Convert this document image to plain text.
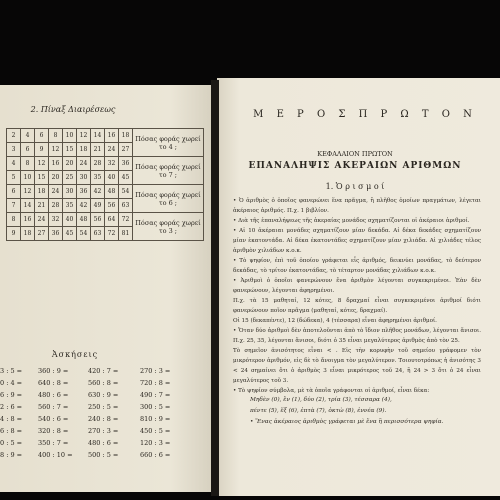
2. Πίναξ Διαιρέσεως
2	4	6	8	10	12	14	16	18	Πόσας φοράς χωρεί το 4 ;
3	6	9	12	15	18	21	24	27	
4	8	12	16	20	24	28	32	36	Πόσας φοράς χωρεί το 7 ;
5	10	15	20	25	30	35	40	45	
6	12	18	24	30	36	42	48	54	Πόσας φοράς χωρεί το 6 ;
7	14	21	28	35	42	49	56	63	
8	16	24	32	40	48	56	64	72	Πόσας φοράς χωρεί το 3 ;
9	18	27	36	45	54	63	72	81	
Ἀσκήσεις
3 : 5 =
0 : 4 =
6 : 9 =
2 : 6 =
4 : 8 =
6 : 8 =
0 : 5 =
8 : 9 =
360 : 9 =
640 : 8 =
480 : 6 =
560 : 7 =
540 : 6 =
320 : 8 =
350 : 7 =
400 : 10 =
420 : 7 =
560 : 8 =
630 : 9 =
250 : 5 =
240 : 8 =
270 : 3 =
480 : 6 =
500 : 5 =
270 : 3 =
720 : 8 =
490 : 7 =
300 : 5 =
810 : 9 =
450 : 5 =
120 : 3 =
660 : 6 =
Μ Ε Ρ Ο Σ Π Ρ Ω Τ Ο Ν
ΚΕΦΑΛΑΙΟΝ ΠΡΩΤΟΝ
ΕΠΑΝΑΛΗΨΙΣ ΑΚΕΡΑΙΩΝ ΑΡΙΘΜΩΝ
1. Ὁ ρ ι σ μ ο ί

• Ὁ ἀριθμὸς ὁ ὁποῖος φανερώνει ἕνα πρᾶγμα, ἢ πλῆθος ὁμοίων πραγμάτων, λέγεται ἀκέραιος ἀριθμός. Π.χ. 1 βιβλίον.

• Διὰ τῆς ἐπαναλήψεως τῆς ἀκεραίας μονάδος σχηματίζονται οἱ ἀκέραιοι ἀριθμοί.

• Αἱ 10 ἀκέραιαι μονάδες σχηματίζουν μίαν δεκάδα. Αἱ δέκα δεκάδες σχηματίζουν μίαν ἑκατοντάδα. Αἱ δέκα ἑκατοντάδες σχηματίζουν μίαν χιλιάδα. Αἱ χιλιάδες τέλος ἀριθμὸν χιλιάδων κ.ο.κ.

• Τὸ ψηφίον, ἐπὶ τοῦ ὁποίου γράφεται εἷς ἀριθμός, δεικνύει μονάδας, τὸ δεύτερον δεκάδας, τὸ τρίτον ἑκατοντάδας, τὸ τέταρτον μονάδας χιλιάδων κ.ο.κ.

• Ἀριθμοὶ ὁ ὁποῖοι φανερώνουν ἕνα ἀριθμὸν λέγονται συγκεκριμένοι. Ἐὰν δὲν φανερώνουν, λέγονται ἀφηρημένοι.

Π.χ. τὰ 15 μαθηταί, 12 κότες, 8 δραχμαί εἶναι συγκεκριμένοι ἀριθμοί διότι φανερώνουν ποῖον πρᾶγμα (μαθηταί, κότες, δραχμαί).

Οἱ 15 (δεκαπέντε), 12 (δώδεκα), 4 (τέσσαρα) εἶναι ἀφηρημένοι ἀριθμοί.

• Ὅταν δύο ἀριθμοὶ δὲν ἀποτελοῦνται ἀπὸ τὸ ἴδιον πλῆθος μονάδων, λέγονται ἄνισοι. Π.χ. 25, 35, λέγονται ἄνισοι, διότι ὁ 35 εἶναι μεγαλύτερος ἀριθμὸς ἀπὸ τὸν 25.

Τὸ σημεῖον ἀνισότητος εἶναι < . Εἰς τὴν κορυφὴν τοῦ σημείου γράφομεν τὸν μικρότερον ἀριθμόν, εἰς δὲ τὸ ἄνοιγμα τὸν μεγαλύτερον. Τοιουτοτρόπως ἡ ἀνισότης 3 < 24 σημαίνει ὅτι ὁ ἀριθμὸς 3 εἶναι μικρότερος τοῦ 24, ἢ 24 > 3 ὅτι ὁ 24 εἶναι μεγαλύτερος τοῦ 3.

• Τὸ ψηφίον σύμβολα, μὲ τὰ ὁποῖα γράφονται οἱ ἀριθμοί, εἶναι δέκα:

Μηδὲν (0), ἓν (1), δύο (2), τρία (3), τέσσαρα (4),
πέντε (5), ἕξ (6), ἑπτὰ (7), ὀκτὼ (8), ἐννέα (9).
• Ἕνας ἀκέραιος ἀριθμὸς γράφεται μὲ ἕνα ἢ περισσότερα ψηφία.
